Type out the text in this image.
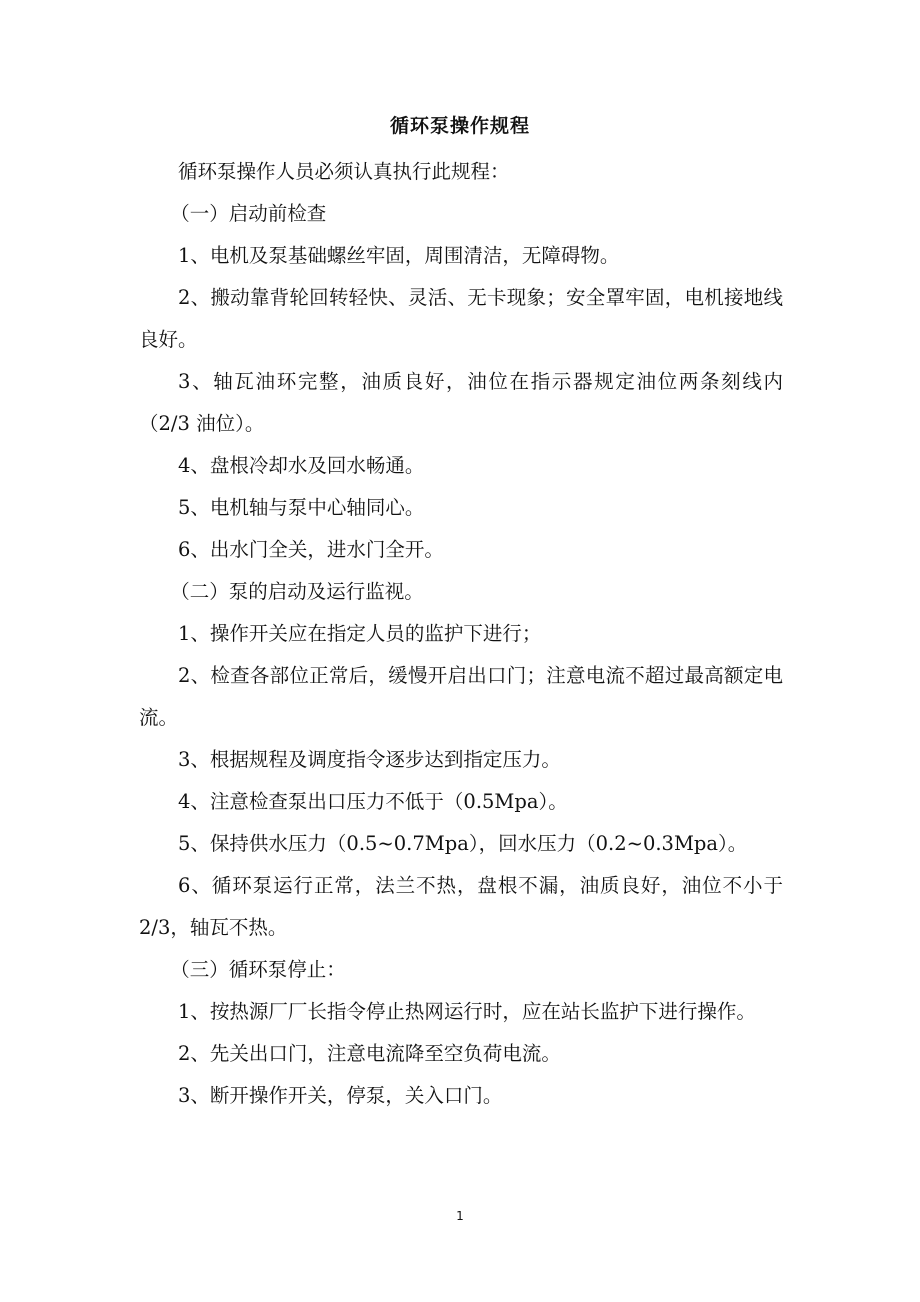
循环泵操作规程

循环泵操作人员必须认真执行此规程：

（一）启动前检查

1、电机及泵基础螺丝牢固，周围清洁，无障碍物。

2、搬动靠背轮回转轻快、灵活、无卡现象；安全罩牢固，电机接地线良好。

3、轴瓦油环完整，油质良好，油位在指示器规定油位两条刻线内（2/3 油位）。

4、盘根冷却水及回水畅通。

5、电机轴与泵中心轴同心。

6、出水门全关，进水门全开。

（二）泵的启动及运行监视。

1、操作开关应在指定人员的监护下进行；

2、检查各部位正常后，缓慢开启出口门；注意电流不超过最高额定电流。

3、根据规程及调度指令逐步达到指定压力。

4、注意检查泵出口压力不低于（0.5Mpa）。

5、保持供水压力（0.5~0.7Mpa），回水压力（0.2~0.3Mpa）。

6、循环泵运行正常，法兰不热，盘根不漏，油质良好，油位不小于 2/3，轴瓦不热。

（三）循环泵停止：

1、按热源厂厂长指令停止热网运行时，应在站长监护下进行操作。

2、先关出口门，注意电流降至空负荷电流。

3、断开操作开关，停泵，关入口门。

1
